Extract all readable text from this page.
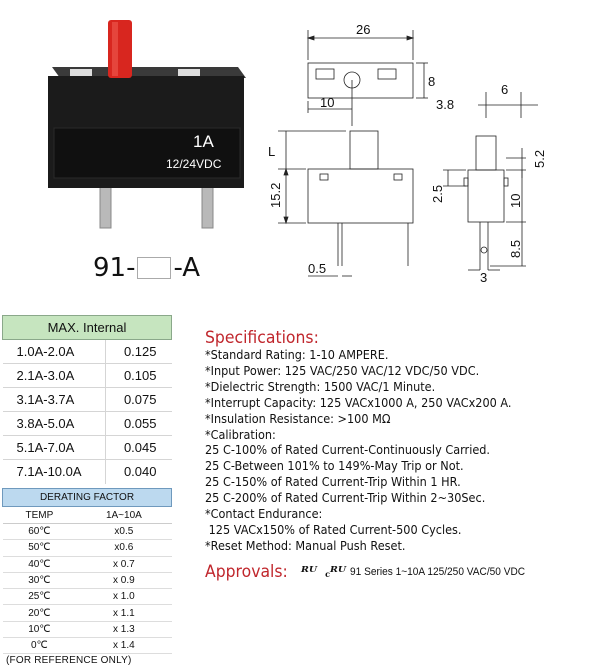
1A
12/24VDC
91- -A
26
8
10
6
3.8
L
15.2	2.5
5.2
10
8.5
0.5
3
MAX. Internal	
1.0A-2.0A	0.125
2.1A-3.0A	0.105
3.1A-3.7A	0.075
3.8A-5.0A	0.055
5.1A-7.0A	0.045
7.1A-10.0A	0.040
DERATING FACTOR	
TEMP	1A~10A
60℃	x0.5
50℃	x0.6
40℃	x 0.7
30℃	x 0.9
25℃	x 1.0
20℃	x 1.1
10℃	x 1.3
0℃	x 1.4
(FOR REFERENCE ONLY)
Specifications:
*Standard Rating: 1-10 AMPERE.
*Input Power: 125 VAC/250 VAC/12 VDC/50 VDC.
*Dielectric Strength: 1500 VAC/1 Minute.
*Interrupt Capacity: 125 VACx1000 A, 250 VACx200 A.
*Insulation Resistance: >100 MΩ
*Calibration:
25 C-100% of Rated Current-Continuously Carried.
25 C-Between 101% to 149%-May Trip or Not.
25 C-150% of Rated Current-Trip Within 1 HR.
25 C-200% of Rated Current-Trip Within 2~30Sec.
*Contact Endurance:
125 VACx150% of Rated Current-500 Cycles.
*Reset Method: Manual Push Reset.
Approvals: ᴿᵁ cᴿᵁ 91 Series 1~10A 125/250 VAC/50 VDC
